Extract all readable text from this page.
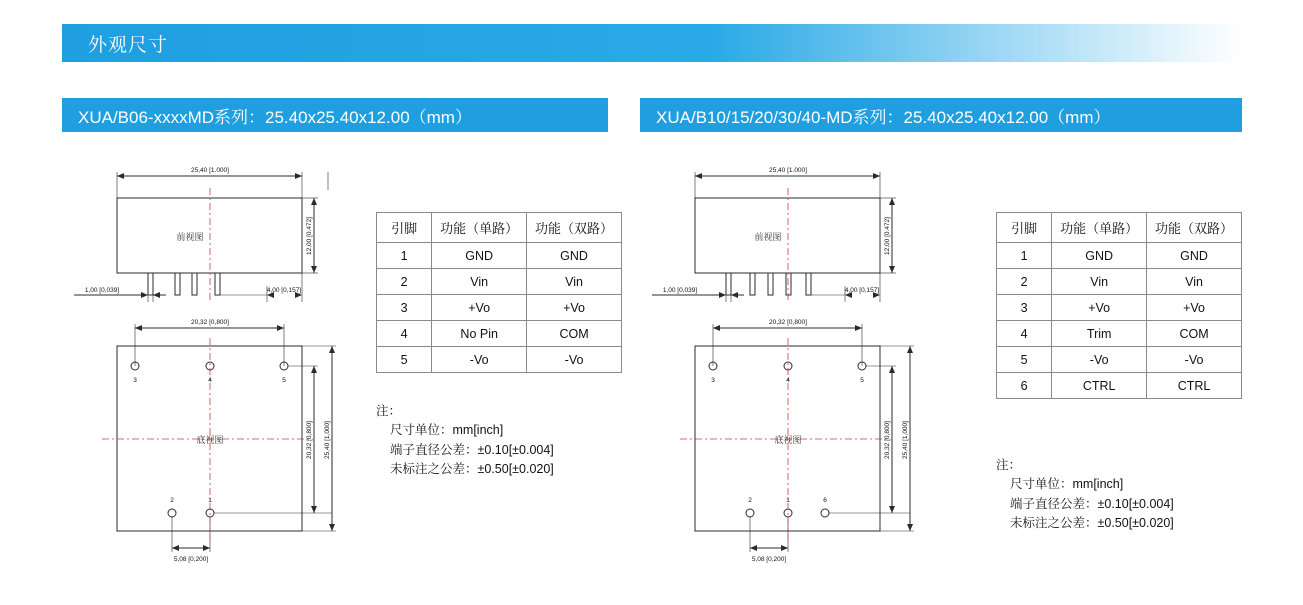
外观尺寸
XUA/B06-xxxxMD系列：25.40x25.40x12.00（mm）	XUA/B10/15/20/30/40-MD系列：25.40x25.40x12.00（mm）
前视图
底视图
25,40 [1.000]
12,00 [0.472]
1,00 [0,039]	4,00 [0,157]
20,32 [0,800]
20,32 [0,800] 25,40 [1,000]
5,08 [0,200]
3	4	5
2	1
引脚	功能（单路）	功能（双路）
1	GND	GND
2	Vin	Vin
3	+Vo	+Vo
4	No Pin	COM
5	-Vo	-Vo
注：
尺寸单位：mm[inch]
端子直径公差：±0.10[±0.004]
未标注之公差：±0.50[±0.020]
前视图
底视图
25,40 [1.000]
12,00 [0.472]
1,00 [0,039]	4,00 [0,157]
20,32 [0,800]
20,32 [0,800] 25,40 [1,000]
5,08 [0,200]
3	4	5
2	1	6
引脚	功能（单路）	功能（双路）
1	GND	GND
2	Vin	Vin
3	+Vo	+Vo
4	Trim	COM
5	-Vo	-Vo
6	CTRL	CTRL
注：
尺寸单位：mm[inch]
端子直径公差：±0.10[±0.004]
未标注之公差：±0.50[±0.020]
